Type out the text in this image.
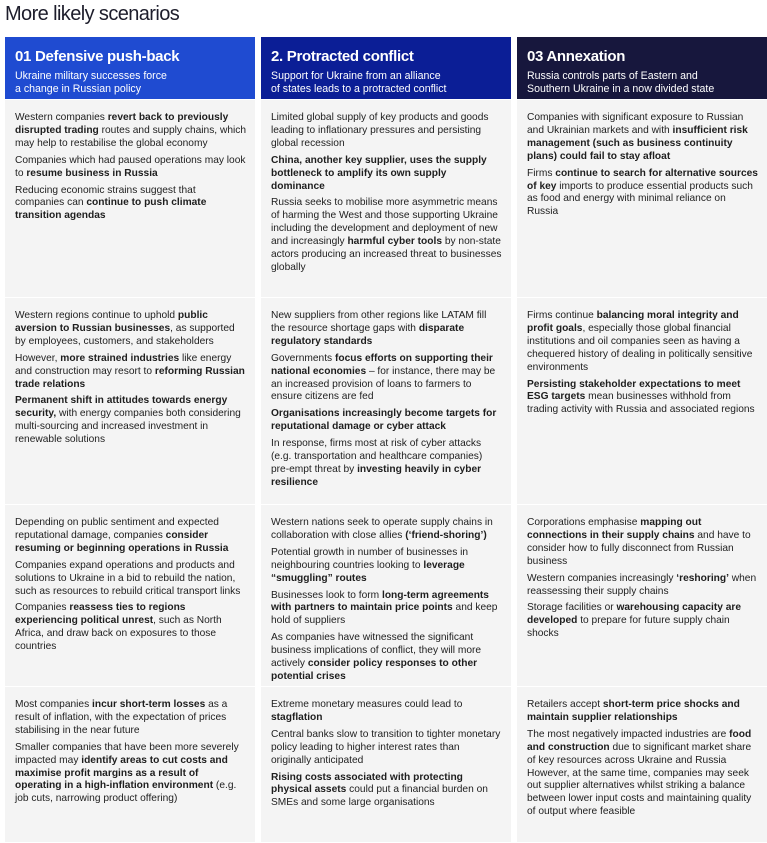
More likely scenarios
01 Defensive push-back
Ukraine military successes force
a change in Russian policy
2. Protracted conflict
Support for Ukraine from an alliance
of states leads to a protracted conflict
03 Annexation
Russia controls parts of Eastern and
Southern Ukraine in a now divided state

Western companies revert back to previously disrupted trading routes and supply chains, which may help to restabilise the global economy

Companies which had paused operations may look to resume business in Russia

Reducing economic strains suggest that companies can continue to push climate transition agendas

Limited global supply of key products and goods leading to inflationary pressures and persisting global recession

China, another key supplier, uses the supply bottleneck to amplify its own supply dominance

Russia seeks to mobilise more asymmetric means of harming the West and those supporting Ukraine including the development and deployment of new and increasingly harmful cyber tools by non-state actors producing an increased threat to businesses globally

Companies with significant exposure to Russian and Ukrainian markets and with insufficient risk management (such as business continuity plans) could fail to stay afloat

Firms continue to search for alternative sources of key imports to produce essential products such as food and energy with minimal reliance on Russia

Western regions continue to uphold public aversion to Russian businesses, as supported by employees, customers, and stakeholders

However, more strained industries like energy and construction may resort to reforming Russian trade relations

Permanent shift in attitudes towards energy security, with energy companies both considering multi-sourcing and increased investment in renewable solutions

New suppliers from other regions like LATAM fill the resource shortage gaps with disparate regulatory standards

Governments focus efforts on supporting their national economies – for instance, there may be an increased provision of loans to farmers to ensure citizens are fed

Organisations increasingly become targets for reputational damage or cyber attack

In response, firms most at risk of cyber attacks (e.g. transportation and healthcare companies) pre-empt threat by investing heavily in cyber resilience

Firms continue balancing moral integrity and profit goals, especially those global financial institutions and oil companies seen as having a chequered history of dealing in politically sensitive environments

Persisting stakeholder expectations to meet ESG targets mean businesses withhold from trading activity with Russia and associated regions

Depending on public sentiment and expected reputational damage, companies consider resuming or beginning operations in Russia

Companies expand operations and products and solutions to Ukraine in a bid to rebuild the nation, such as resources to rebuild critical transport links

Companies reassess ties to regions experiencing political unrest, such as North Africa, and draw back on exposures to those countries

Western nations seek to operate supply chains in collaboration with close allies (‘friend-shoring’)

Potential growth in number of businesses in neighbouring countries looking to leverage “smuggling” routes

Businesses look to form long-term agreements with partners to maintain price points and keep hold of suppliers

As companies have witnessed the significant business implications of conflict, they will more actively consider policy responses to other potential crises

Corporations emphasise mapping out connections in their supply chains and have to consider how to fully disconnect from Russian business

Western companies increasingly ‘reshoring’ when reassessing their supply chains

Storage facilities or warehousing capacity are developed to prepare for future supply chain shocks

Most companies incur short-term losses as a result of inflation, with the expectation of prices stabilising in the near future

Smaller companies that have been more severely impacted may identify areas to cut costs and maximise profit margins as a result of operating in a high-inflation environment (e.g. job cuts, narrowing product offering)

Extreme monetary measures could lead to stagflation

Central banks slow to transition to tighter monetary policy leading to higher interest rates than originally anticipated

Rising costs associated with protecting physical assets could put a financial burden on SMEs and some large organisations

Retailers accept short-term price shocks and maintain supplier relationships

The most negatively impacted industries are food and construction due to significant market share of key resources across Ukraine and Russia However, at the same time, companies may seek out supplier alternatives whilst striking a balance between lower input costs and maintaining quality of output where feasible
